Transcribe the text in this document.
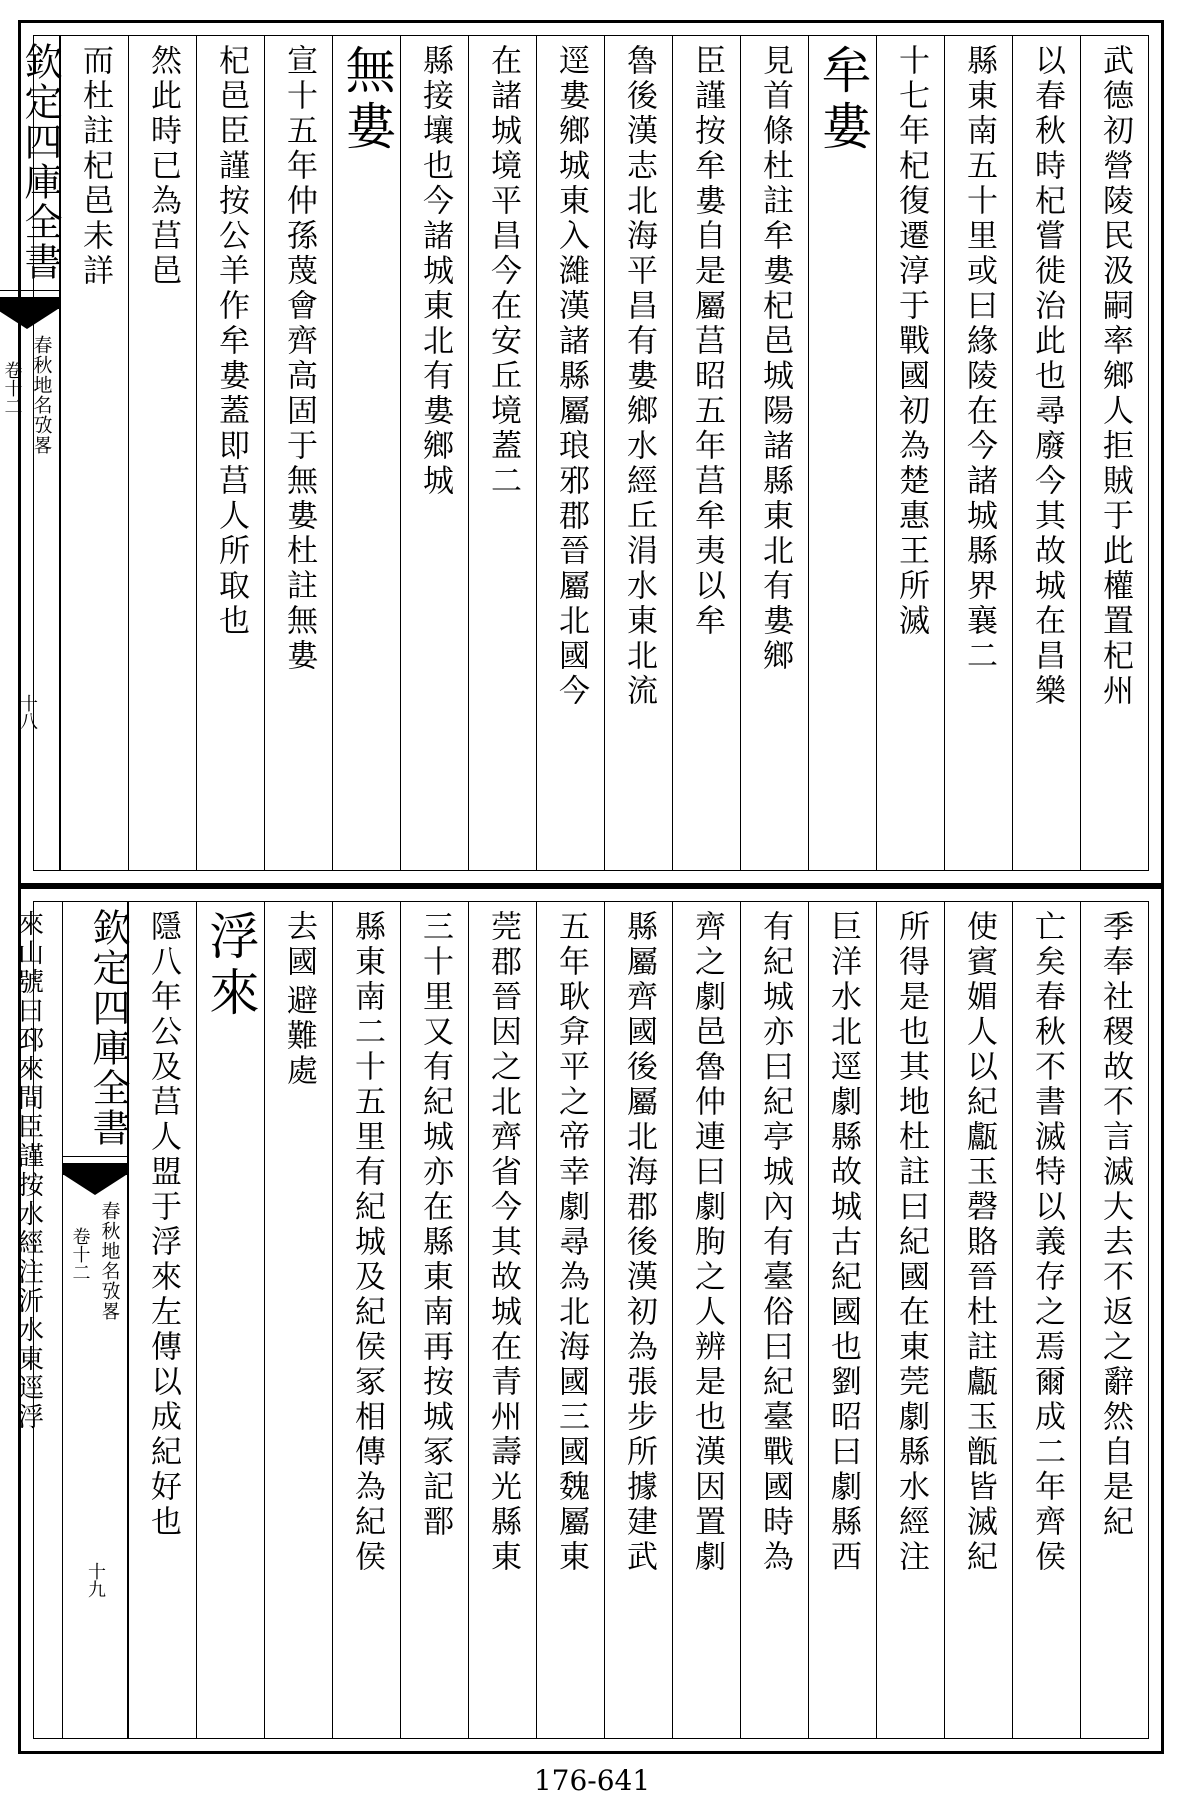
武德初營陵民汲嗣率鄉人拒賊于此權置杞州
以春秋時杞嘗徙治此也尋廢今其故城在昌樂
縣東南五十里或曰緣陵在今諸城縣界襄二
十七年杞復遷淳于戰國初為楚惠王所滅
牟婁
見首條杜註牟婁杞邑城陽諸縣東北有婁鄉
臣謹按牟婁自是屬莒昭五年莒牟夷以牟
魯後漢志北海平昌有婁鄉水經丘涓水東北流
逕婁鄉城東入濰漢諸縣屬琅邪郡晉屬北國今
在諸城境平昌今在安丘境蓋二
縣接壤也今諸城東北有婁鄉城
無婁
宣十五年仲孫蔑會齊高固于無婁杜註無婁
杞邑臣謹按公羊作牟婁蓋即莒人所取也
然此時已為莒邑
而杜註杞邑未詳
欽定四庫全書
春秋地名攷畧
卷十二
十八
季奉社稷故不言滅大去不返之辭然自是紀
亡矣春秋不書滅特以義存之焉爾成二年齊侯
使賓媚人以紀甗玉磬賂晉杜註甗玉甑皆滅紀
所得是也其地杜註曰紀國在東莞劇縣水經注
巨洋水北逕劇縣故城古紀國也劉昭曰劇縣西
有紀城亦曰紀亭城內有臺俗曰紀臺戰國時為
齊之劇邑魯仲連曰劇朐之人辨是也漢因置劇
縣屬齊國後屬北海郡後漢初為張步所據建武
五年耿弇平之帝幸劇尋為北海國三國魏屬東
莞郡晉因之北齊省今其故城在青州壽光縣東
三十里又有紀城亦在縣東南再按城冢記鄑
縣東南二十五里有紀城及紀侯冢相傳為紀侯
去國
避難處
浮來
隱八年公及莒人盟于浮來左傳以成紀好也
欽定四庫全書
春秋地名攷畧
卷十二
十九
來山號曰邳來間臣謹按水經注沂水東逕浮
176-641
